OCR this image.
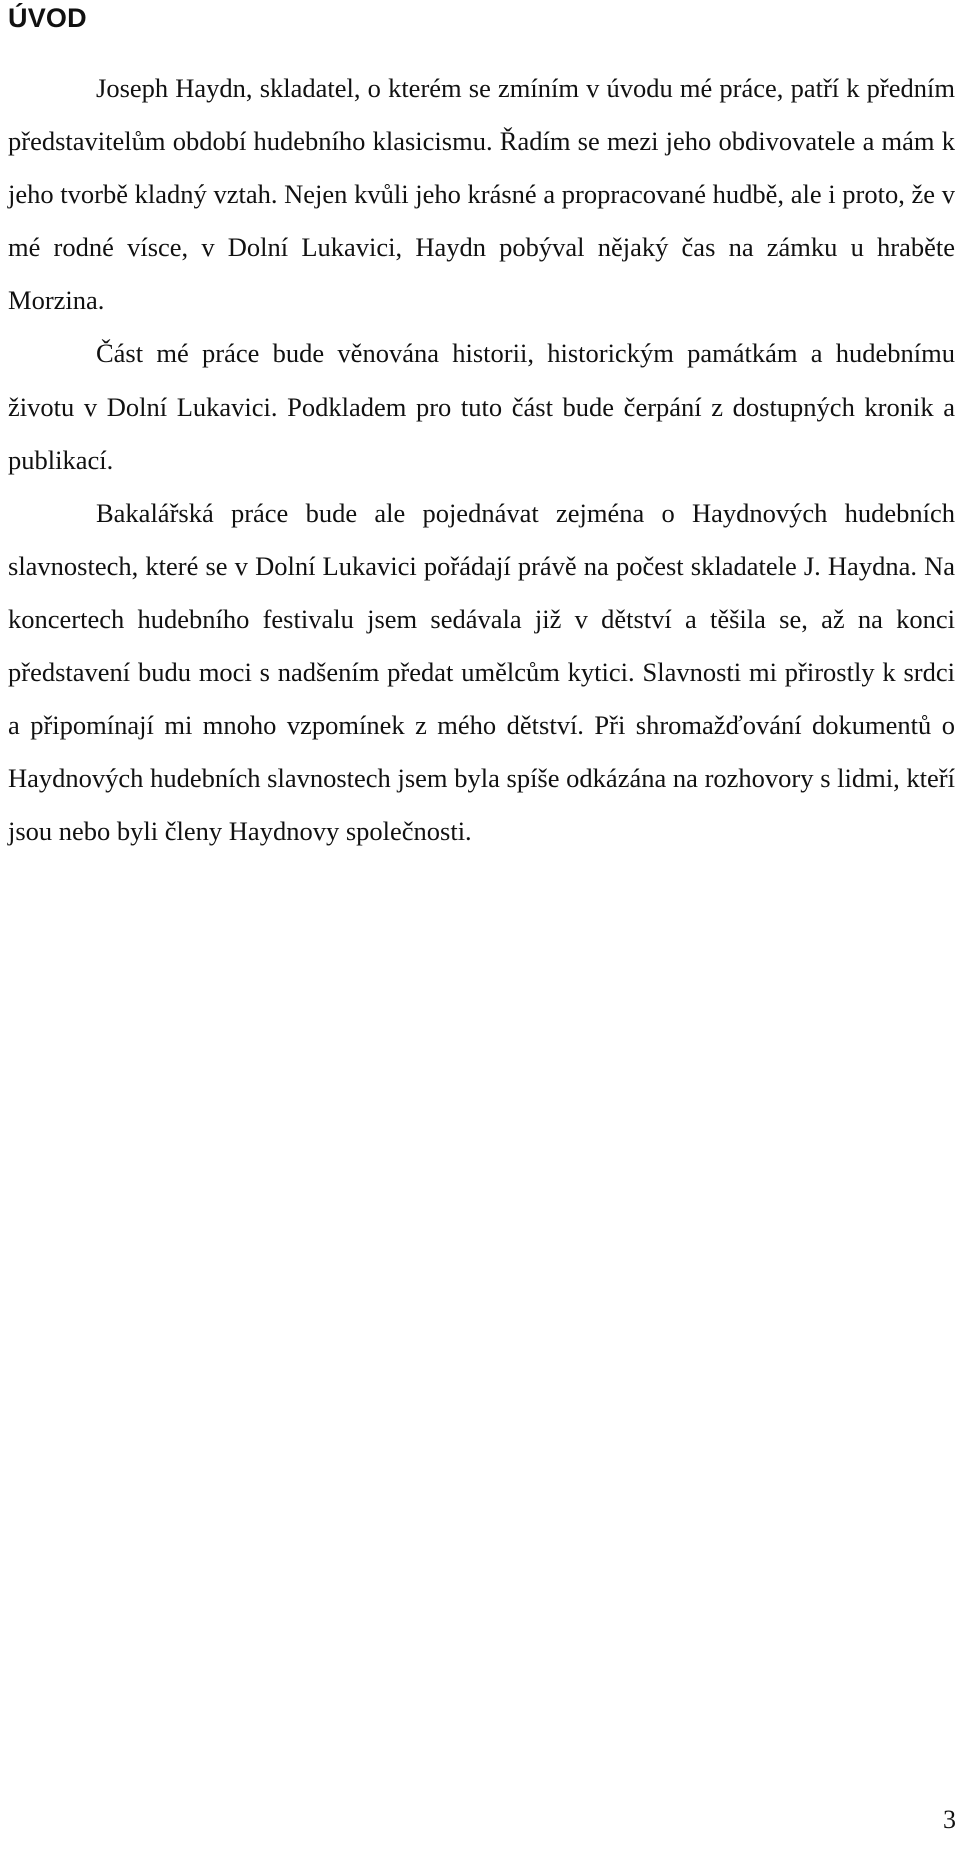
ÚVOD

Joseph Haydn, skladatel, o kterém se zmíním v úvodu mé práce, patří k předním představitelům období hudebního klasicismu. Řadím se mezi jeho obdivovatele a mám k jeho tvorbě kladný vztah. Nejen kvůli jeho krásné a propracované hudbě, ale i proto, že v mé rodné vísce, v Dolní Lukavici, Haydn pobýval nějaký čas na zámku u hraběte Morzina.

Část mé práce bude věnována historii, historickým památkám a hudebnímu životu v Dolní Lukavici. Podkladem pro tuto část bude čerpání z dostupných kronik a publikací.

Bakalářská práce bude ale pojednávat zejména o Haydnových hudebních slavnostech, které se v Dolní Lukavici pořádají právě na počest skladatele J. Haydna. Na koncertech hudebního festivalu jsem sedávala již v dětství a těšila se, až na konci představení budu moci s nadšením předat umělcům kytici. Slavnosti mi přirostly k srdci a připomínají mi mnoho vzpomínek z mého dětství. Při shromažďování dokumentů o Haydnových hudebních slavnostech jsem byla spíše odkázána na rozhovory s lidmi, kteří jsou nebo byli členy Haydnovy společnosti.

3
